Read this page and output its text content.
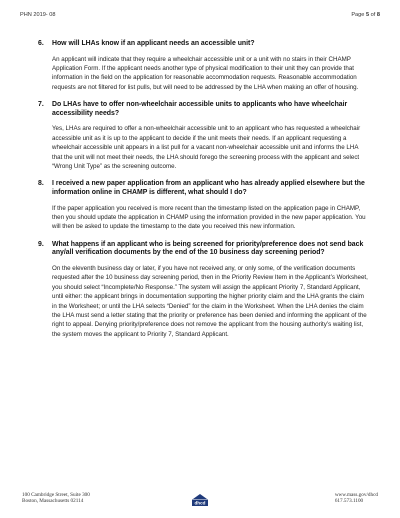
PHN 2019- 08	Page 5 of 8
6.	How will LHAs know if an applicant needs an accessible unit?
An applicant will indicate that they require a wheelchair accessible unit or a unit with no stairs in their CHAMP Application Form. If the applicant needs another type of physical modification to their unit they can provide that information in the field on the application for reasonable accommodation requests. Reasonable accommodation requests are not filtered for list pulls, but will need to be addressed by the LHA when making an offer of housing.
7.	Do LHAs have to offer non-wheelchair accessible units to applicants who have wheelchair accessibility needs?
Yes, LHAs are required to offer a non-wheelchair accessible unit to an applicant who has requested a wheelchair accessible unit as it is up to the applicant to decide if the unit meets their needs. If an applicant requesting a wheelchair accessible unit appears in a list pull for a vacant non-wheelchair accessible unit and informs the LHA that the unit will not meet their needs, the LHA should forego the screening process with the applicant and select “Wrong Unit Type” as the screening outcome.
8.	I received a new paper application from an applicant who has already applied elsewhere but the information online in CHAMP is different, what should I do?
If the paper application you received is more recent than the timestamp listed on the application page in CHAMP, then you should update the application in CHAMP using the information provided in the new paper application. You will then be asked to update the timestamp to the date you received this new information.
9.	What happens if an applicant who is being screened for priority/preference does not send back any/all verification documents by the end of the 10 business day screening period?
On the eleventh business day or later, if you have not received any, or only some, of the verification documents requested after the 10 business day screening period, then in the Priority Review Item in the Applicant’s Worksheet, you should select “Incomplete/No Response.” The system will assign the applicant Priority 7, Standard Applicant, until either: the applicant brings in documentation supporting the higher priority claim and the LHA grants the claim in the Worksheet; or until the LHA selects “Denied” for the claim in the Worksheet. When the LHA denies the claim the LHA must send a letter stating that the priority or preference has been denied and informing the applicant of the right to appeal. Denying priority/preference does not remove the applicant from the housing authority’s waiting list, the system moves the applicant to Priority 7, Standard Applicant.
100 Cambridge Street, Suite 300
Boston, Massachusetts 02114	dhcd
www.mass.gov/dhcd
617.573.1100
